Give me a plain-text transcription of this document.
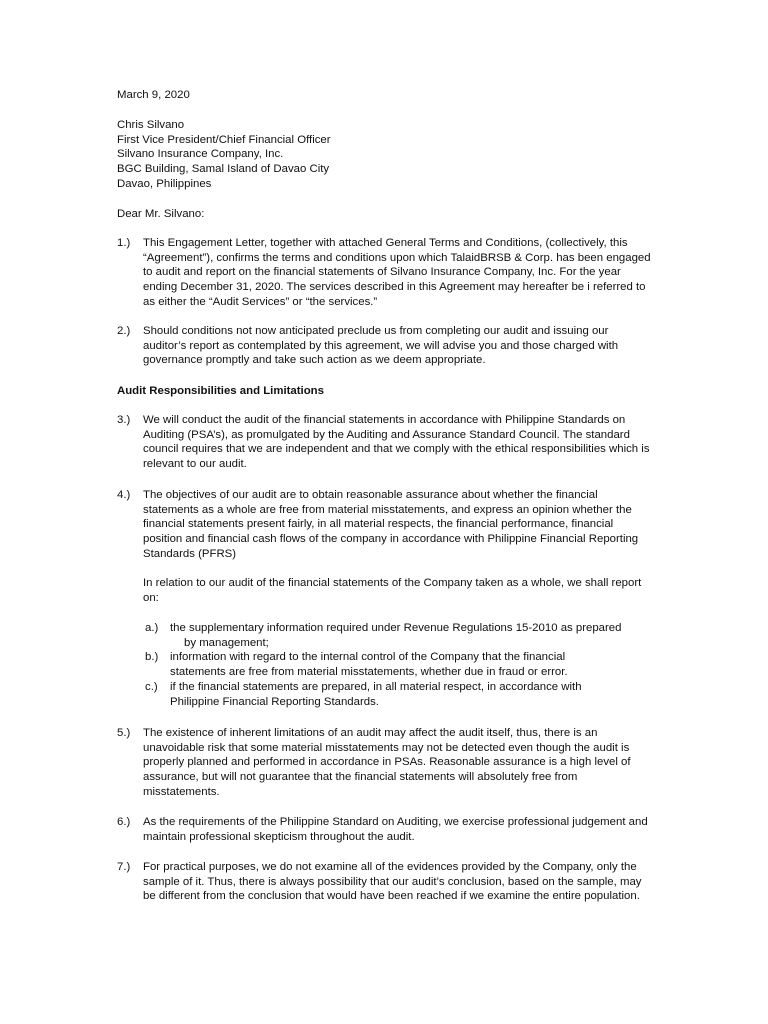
March 9, 2020
Chris Silvano
First Vice President/Chief Financial Officer
Silvano Insurance Company, Inc.
BGC Building, Samal Island of Davao City
Davao, Philippines
Dear Mr. Silvano:
1.) This Engagement Letter, together with attached General Terms and Conditions, (collectively, this “Agreement”), confirms the terms and conditions upon which TalaidBRSB & Corp. has been engaged to audit and report on the financial statements of Silvano Insurance Company, Inc. For the year ending December 31, 2020. The services described in this Agreement may hereafter be i referred to as either the “Audit Services” or “the services.”

2.) Should conditions not now anticipated preclude us from completing our audit and issuing our auditor’s report as contemplated by this agreement, we will advise you and those charged with governance promptly and take such action as we deem appropriate.

Audit Responsibilities and Limitations
3.) We will conduct the audit of the financial statements in accordance with Philippine Standards on Auditing (PSA’s), as promulgated by the Auditing and Assurance Standard Council. The standard council requires that we are independent and that we comply with the ethical responsibilities which is relevant to our audit.

4.) The objectives of our audit are to obtain reasonable assurance about whether the financial statements as a whole are free from material misstatements, and express an opinion whether the financial statements present fairly, in all material respects, the financial performance, financial position and financial cash flows of the company in accordance with Philippine Financial Reporting Standards (PFRS)

In relation to our audit of the financial statements of the Company taken as a whole, we shall report on:

a.) the supplementary information required under Revenue Regulations 15-2010 as prepared
by management;
b.) information with regard to the internal control of the Company that the financial
statements are free from material misstatements, whether due in fraud or error.
c.) if the financial statements are prepared, in all material respect, in accordance with
Philippine Financial Reporting Standards.
5.) The existence of inherent limitations of an audit may affect the audit itself, thus, there is an unavoidable risk that some material misstatements may not be detected even though the audit is properly planned and performed in accordance in PSAs. Reasonable assurance is a high level of assurance, but will not guarantee that the financial statements will absolutely free from misstatements.

6.) As the requirements of the Philippine Standard on Auditing, we exercise professional judgement and maintain professional skepticism throughout the audit.

7.) For practical purposes, we do not examine all of the evidences provided by the Company, only the sample of it. Thus, there is always possibility that our audit’s conclusion, based on the sample, may be different from the conclusion that would have been reached if we examine the entire population.
